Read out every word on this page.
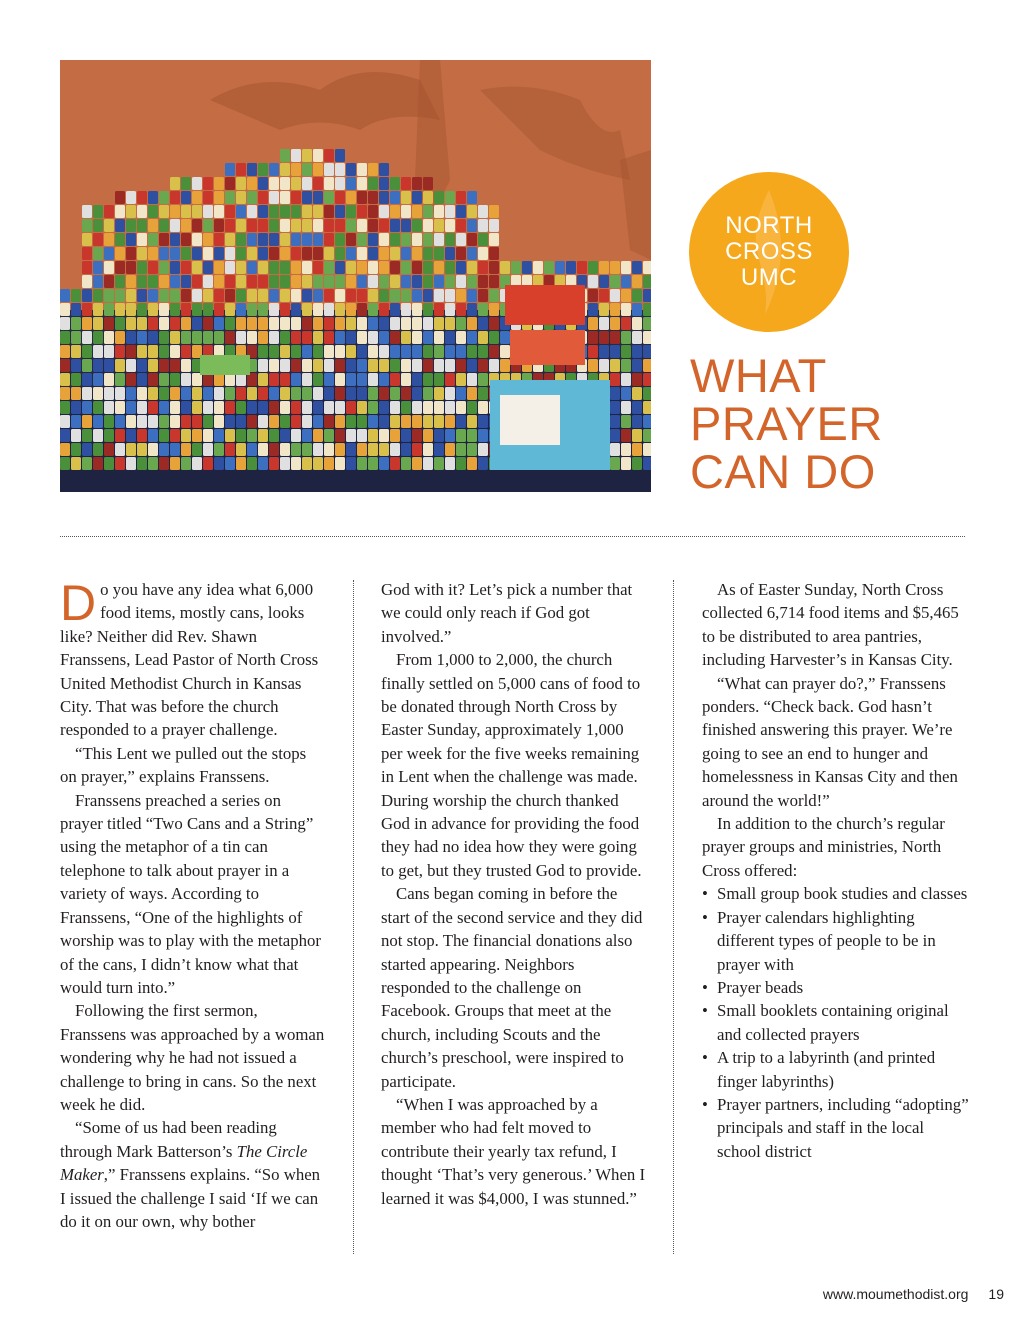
NORTH
CROSS
UMC
WHAT
PRAYER
CAN DO

Do you have any idea what 6,000 food items, mostly cans, looks like? Neither did Rev. Shawn Franssens, Lead Pastor of North Cross United Methodist Church in Kansas City. That was before the church responded to a prayer challenge.

“This Lent we pulled out the stops on prayer,” explains Franssens.

Franssens preached a series on prayer titled “Two Cans and a String” using the metaphor of a tin can telephone to talk about prayer in a variety of ways. According to Franssens, “One of the highlights of worship was to play with the metaphor of the cans, I didn’t know what that would turn into.”

Following the first sermon, Franssens was approached by a woman wondering why he had not issued a challenge to bring in cans. So the next week he did.

“Some of us had been reading through Mark Batterson’s The Circle Maker,” Franssens explains. “So when I issued the challenge I said ‘If we can do it on our own, why bother

God with it? Let’s pick a number that we could only reach if God got involved.”

From 1,000 to 2,000, the church finally settled on 5,000 cans of food to be donated through North Cross by Easter Sunday, approximately 1,000 per week for the five weeks remaining in Lent when the challenge was made. During worship the church thanked God in advance for providing the food they had no idea how they were going to get, but they trusted God to provide.

Cans began coming in before the start of the second service and they did not stop. The financial donations also started appearing. Neighbors responded to the challenge on Facebook. Groups that meet at the church, including Scouts and the church’s preschool, were inspired to participate.

“When I was approached by a member who had felt moved to contribute their yearly tax refund, I thought ‘That’s very generous.’ When I learned it was $4,000, I was stunned.”

As of Easter Sunday, North Cross collected 6,714 food items and $5,465 to be distributed to area pantries, including Harvester’s in Kansas City.

“What can prayer do?,” Franssens ponders. “Check back. God hasn’t finished answering this prayer. We’re going to see an end to hunger and homelessness in Kansas City and then around the world!”

In addition to the church’s regular prayer groups and ministries, North Cross offered:

• Small group book studies and classes
• Prayer calendars highlighting different types of people to be in prayer with
• Prayer beads
• Small booklets containing original and collected prayers
• A trip to a labyrinth (and printed finger labyrinths)
• Prayer partners, including “adopting” principals and staff in the local school district
www.moumethodist.org 19
